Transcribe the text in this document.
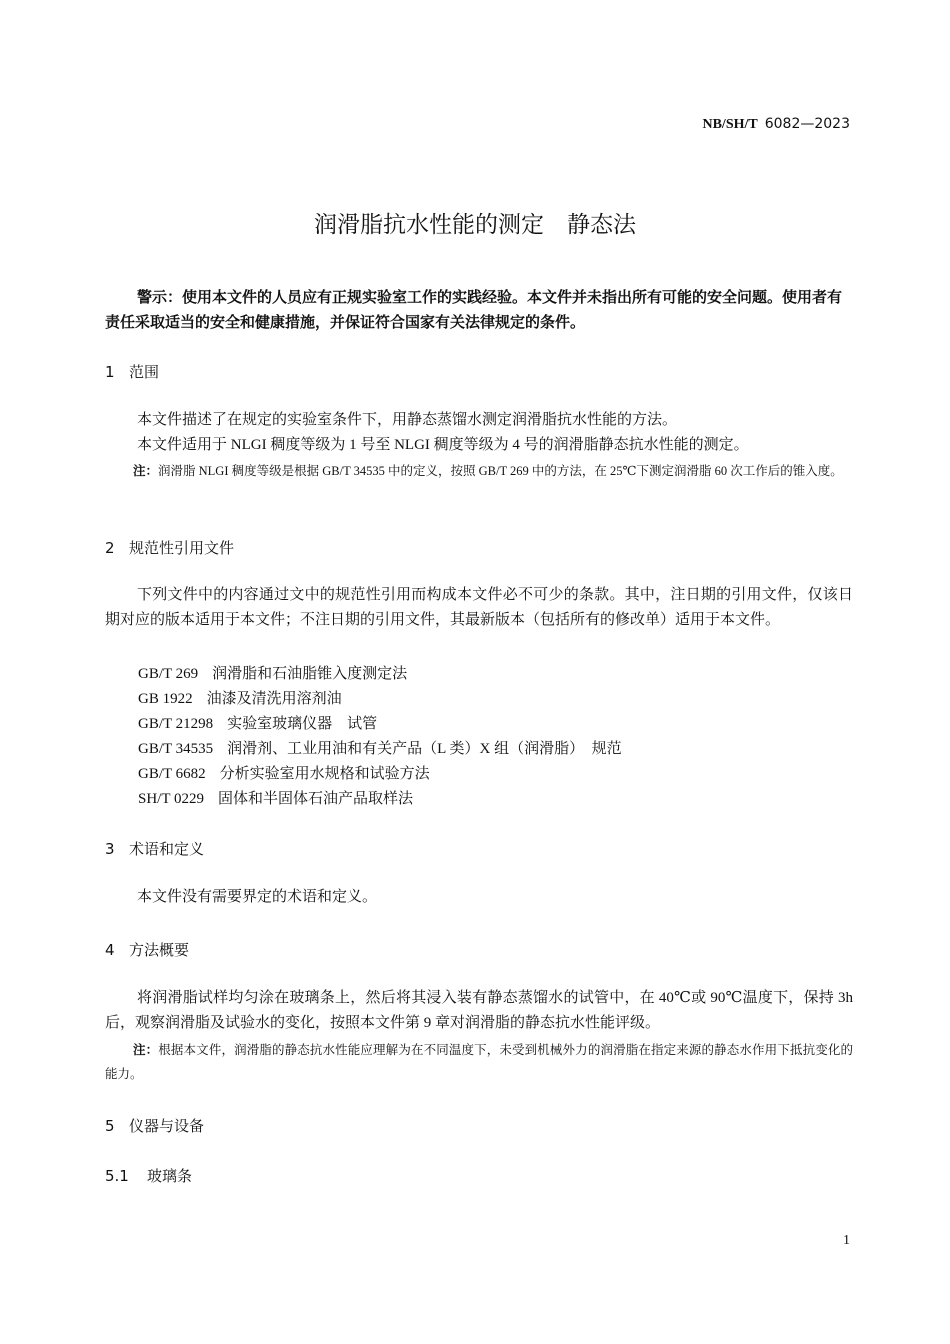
NB/SH/T 6082—2023
润滑脂抗水性能的测定　静态法
警示：使用本文件的人员应有正规实验室工作的实践经验。本文件并未指出所有可能的安全问题。使用者有责任采取适当的安全和健康措施，并保证符合国家有关法律规定的条件。
1 范围
本文件描述了在规定的实验室条件下，用静态蒸馏水测定润滑脂抗水性能的方法。
本文件适用于 NLGI 稠度等级为 1 号至 NLGI 稠度等级为 4 号的润滑脂静态抗水性能的测定。
注：润滑脂 NLGI 稠度等级是根据 GB/T 34535 中的定义，按照 GB/T 269 中的方法，在 25℃下测定润滑脂 60 次工作后的锥入度。
2 规范性引用文件
下列文件中的内容通过文中的规范性引用而构成本文件必不可少的条款。其中，注日期的引用文件，仅该日期对应的版本适用于本文件；不注日期的引用文件，其最新版本（包括所有的修改单）适用于本文件。
GB/T 269 润滑脂和石油脂锥入度测定法
GB 1922 油漆及清洗用溶剂油
GB/T 21298 实验室玻璃仪器　试管
GB/T 34535 润滑剂、工业用油和有关产品（L 类）X 组（润滑脂）　规范
GB/T 6682 分析实验室用水规格和试验方法
SH/T 0229 固体和半固体石油产品取样法
3 术语和定义
本文件没有需要界定的术语和定义。
4 方法概要
将润滑脂试样均匀涂在玻璃条上，然后将其浸入装有静态蒸馏水的试管中，在 40℃或 90℃温度下，保持 3h 后，观察润滑脂及试验水的变化，按照本文件第 9 章对润滑脂的静态抗水性能评级。
注：根据本文件，润滑脂的静态抗水性能应理解为在不同温度下，未受到机械外力的润滑脂在指定来源的静态水作用下抵抗变化的能力。
5 仪器与设备
5.1 玻璃条
1
